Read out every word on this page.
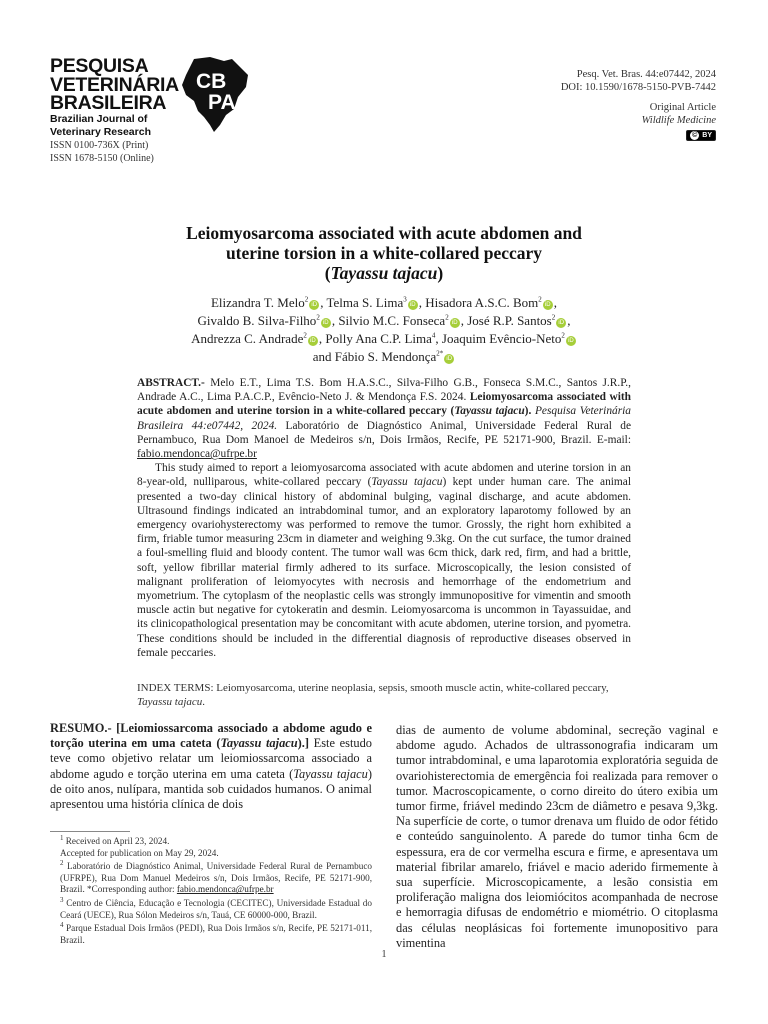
PESQUISA
VETERINÁRIA
BRASILEIRA
Brazilian Journal of
Veterinary Research
ISSN 0100-736X (Print)
ISSN 1678-5150 (Online)
CB
PA
Pesq. Vet. Bras. 44:e07442, 2024
DOI: 10.1590/1678-5150-PVB-7442
Original Article
Wildlife Medicine
© BY
Leiomyosarcoma associated with acute abdomen and
uterine torsion in a white-collared peccary
(Tayassu tajacu)
Elizandra T. Melo$^2$iD , Telma S. Lima$^3$iD , Hisadora A.S.C. Bom$^2$iD ,
Givaldo B. Silva-Filho$^2$iD , Silvio M.C. Fonseca$^2$iD , José R.P. Santos$^2$iD ,
Andrezza C. Andrade$^2$iD , Polly Ana C.P. Lima$^4$, Joaquim Evêncio-Neto$^2$iD
and Fábio S. Mendonça$^{2*}$iD

ABSTRACT.- Melo E.T., Lima T.S. Bom H.A.S.C., Silva-Filho G.B., Fonseca S.M.C., Santos J.R.P., Andrade A.C., Lima P.A.C.P., Evêncio-Neto J. & Mendonça F.S. 2024. Leiomyosarcoma associated with acute abdomen and uterine torsion in a white-collared peccary (Tayassu tajacu). Pesquisa Veterinária Brasileira 44:e07442, 2024. Laboratório de Diagnóstico Animal, Universidade Federal Rural de Pernambuco, Rua Dom Manoel de Medeiros s/n, Dois Irmãos, Recife, PE 52171-900, Brazil. E-mail: fabio.mendonca@ufrpe.br

This study aimed to report a leiomyosarcoma associated with acute abdomen and uterine torsion in an 8-year-old, nulliparous, white-collared peccary (Tayassu tajacu) kept under human care. The animal presented a two-day clinical history of abdominal bulging, vaginal discharge, and acute abdomen. Ultrasound findings indicated an intrabdominal tumor, and an exploratory laparotomy followed by an emergency ovariohysterectomy was performed to remove the tumor. Grossly, the right horn exhibited a firm, friable tumor measuring 23cm in diameter and weighing 9.3kg. On the cut surface, the tumor drained a foul-smelling fluid and bloody content. The tumor wall was 6cm thick, dark red, firm, and had a brittle, soft, yellow fibrillar material firmly adhered to its surface. Microscopically, the lesion consisted of malignant proliferation of leiomyocytes with necrosis and hemorrhage of the endometrium and myometrium. The cytoplasm of the neoplastic cells was strongly immunopositive for vimentin and smooth muscle actin but negative for cytokeratin and desmin. Leiomyosarcoma is uncommon in Tayassuidae, and its clinicopathological presentation may be concomitant with acute abdomen, uterine torsion, and pyometra. These conditions should be included in the differential diagnosis of reproductive diseases observed in female peccaries.

INDEX TERMS: Leiomyosarcoma, uterine neoplasia, sepsis, smooth muscle actin, white-collared peccary, Tayassu tajacu.
RESUMO.- [Leiomiossarcoma associado a abdome agudo e torção uterina em uma cateta (Tayassu tajacu).] Este estudo teve como objetivo relatar um leiomiossarcoma associado a abdome agudo e torção uterina em uma cateta (Tayassu tajacu) de oito anos, nulípara, mantida sob cuidados humanos. O animal apresentou uma história clínica de dois
dias de aumento de volume abdominal, secreção vaginal e abdome agudo. Achados de ultrassonografia indicaram um tumor intrabdominal, e uma laparotomia exploratória seguida de ovariohisterectomia de emergência foi realizada para remover o tumor. Macroscopicamente, o corno direito do útero exibia um tumor firme, friável medindo 23cm de diâmetro e pesava 9,3kg. Na superfície de corte, o tumor drenava um fluido de odor fétido e conteúdo sanguinolento. A parede do tumor tinha 6cm de espessura, era de cor vermelha escura e firme, e apresentava um material fibrilar amarelo, friável e macio aderido firmemente à sua superfície. Microscopicamente, a lesão consistia em proliferação maligna dos leiomiócitos acompanhada de necrose e hemorragia difusas de endométrio e miométrio. O citoplasma das células neoplásicas foi fortemente imunopositivo para vimentina

$^1$ Received on April 23, 2024.
Accepted for publication on May 29, 2024.

$^2$ Laboratório de Diagnóstico Animal, Universidade Federal Rural de Pernambuco (UFRPE), Rua Dom Manuel Medeiros s/n, Dois Irmãos, Recife, PE 52171-900, Brazil. *Corresponding author: fabio.mendonca@ufrpe.br

$^3$ Centro de Ciência, Educação e Tecnologia (CECITEC), Universidade Estadual do Ceará (UECE), Rua Sólon Medeiros s/n, Tauá, CE 60000-000, Brazil.

$^4$ Parque Estadual Dois Irmãos (PEDI), Rua Dois Irmãos s/n, Recife, PE 52171-011, Brazil.

1
